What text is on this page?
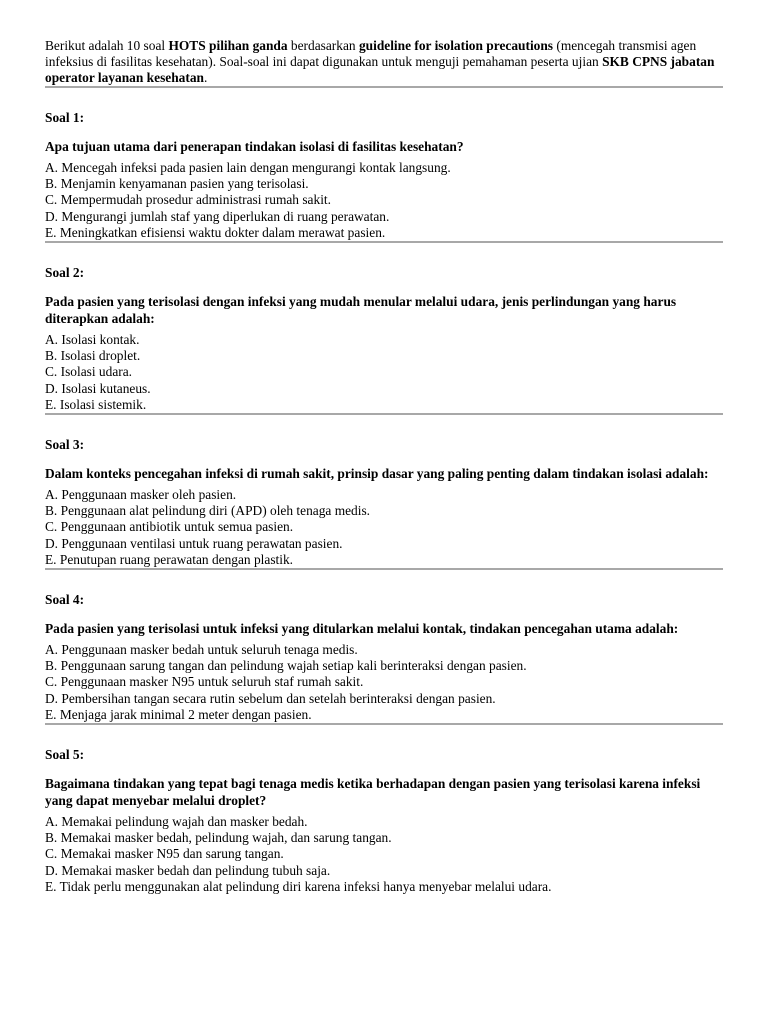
Berikut adalah 10 soal HOTS pilihan ganda berdasarkan guideline for isolation precautions (mencegah transmisi agen infeksius di fasilitas kesehatan). Soal-soal ini dapat digunakan untuk menguji pemahaman peserta ujian SKB CPNS jabatan operator layanan kesehatan.

Soal 1:

Apa tujuan utama dari penerapan tindakan isolasi di fasilitas kesehatan?

A. Mencegah infeksi pada pasien lain dengan mengurangi kontak langsung.
B. Menjamin kenyamanan pasien yang terisolasi.
C. Mempermudah prosedur administrasi rumah sakit.
D. Mengurangi jumlah staf yang diperlukan di ruang perawatan.
E. Meningkatkan efisiensi waktu dokter dalam merawat pasien.

Soal 2:

Pada pasien yang terisolasi dengan infeksi yang mudah menular melalui udara, jenis perlindungan yang harus diterapkan adalah:

A. Isolasi kontak.
B. Isolasi droplet.
C. Isolasi udara.
D. Isolasi kutaneus.
E. Isolasi sistemik.

Soal 3:

Dalam konteks pencegahan infeksi di rumah sakit, prinsip dasar yang paling penting dalam tindakan isolasi adalah:

A. Penggunaan masker oleh pasien.
B. Penggunaan alat pelindung diri (APD) oleh tenaga medis.
C. Penggunaan antibiotik untuk semua pasien.
D. Penggunaan ventilasi untuk ruang perawatan pasien.
E. Penutupan ruang perawatan dengan plastik.

Soal 4:

Pada pasien yang terisolasi untuk infeksi yang ditularkan melalui kontak, tindakan pencegahan utama adalah:

A. Penggunaan masker bedah untuk seluruh tenaga medis.
B. Penggunaan sarung tangan dan pelindung wajah setiap kali berinteraksi dengan pasien.
C. Penggunaan masker N95 untuk seluruh staf rumah sakit.
D. Pembersihan tangan secara rutin sebelum dan setelah berinteraksi dengan pasien.
E. Menjaga jarak minimal 2 meter dengan pasien.

Soal 5:

Bagaimana tindakan yang tepat bagi tenaga medis ketika berhadapan dengan pasien yang terisolasi karena infeksi yang dapat menyebar melalui droplet?

A. Memakai pelindung wajah dan masker bedah.
B. Memakai masker bedah, pelindung wajah, dan sarung tangan.
C. Memakai masker N95 dan sarung tangan.
D. Memakai masker bedah dan pelindung tubuh saja.
E. Tidak perlu menggunakan alat pelindung diri karena infeksi hanya menyebar melalui udara.
